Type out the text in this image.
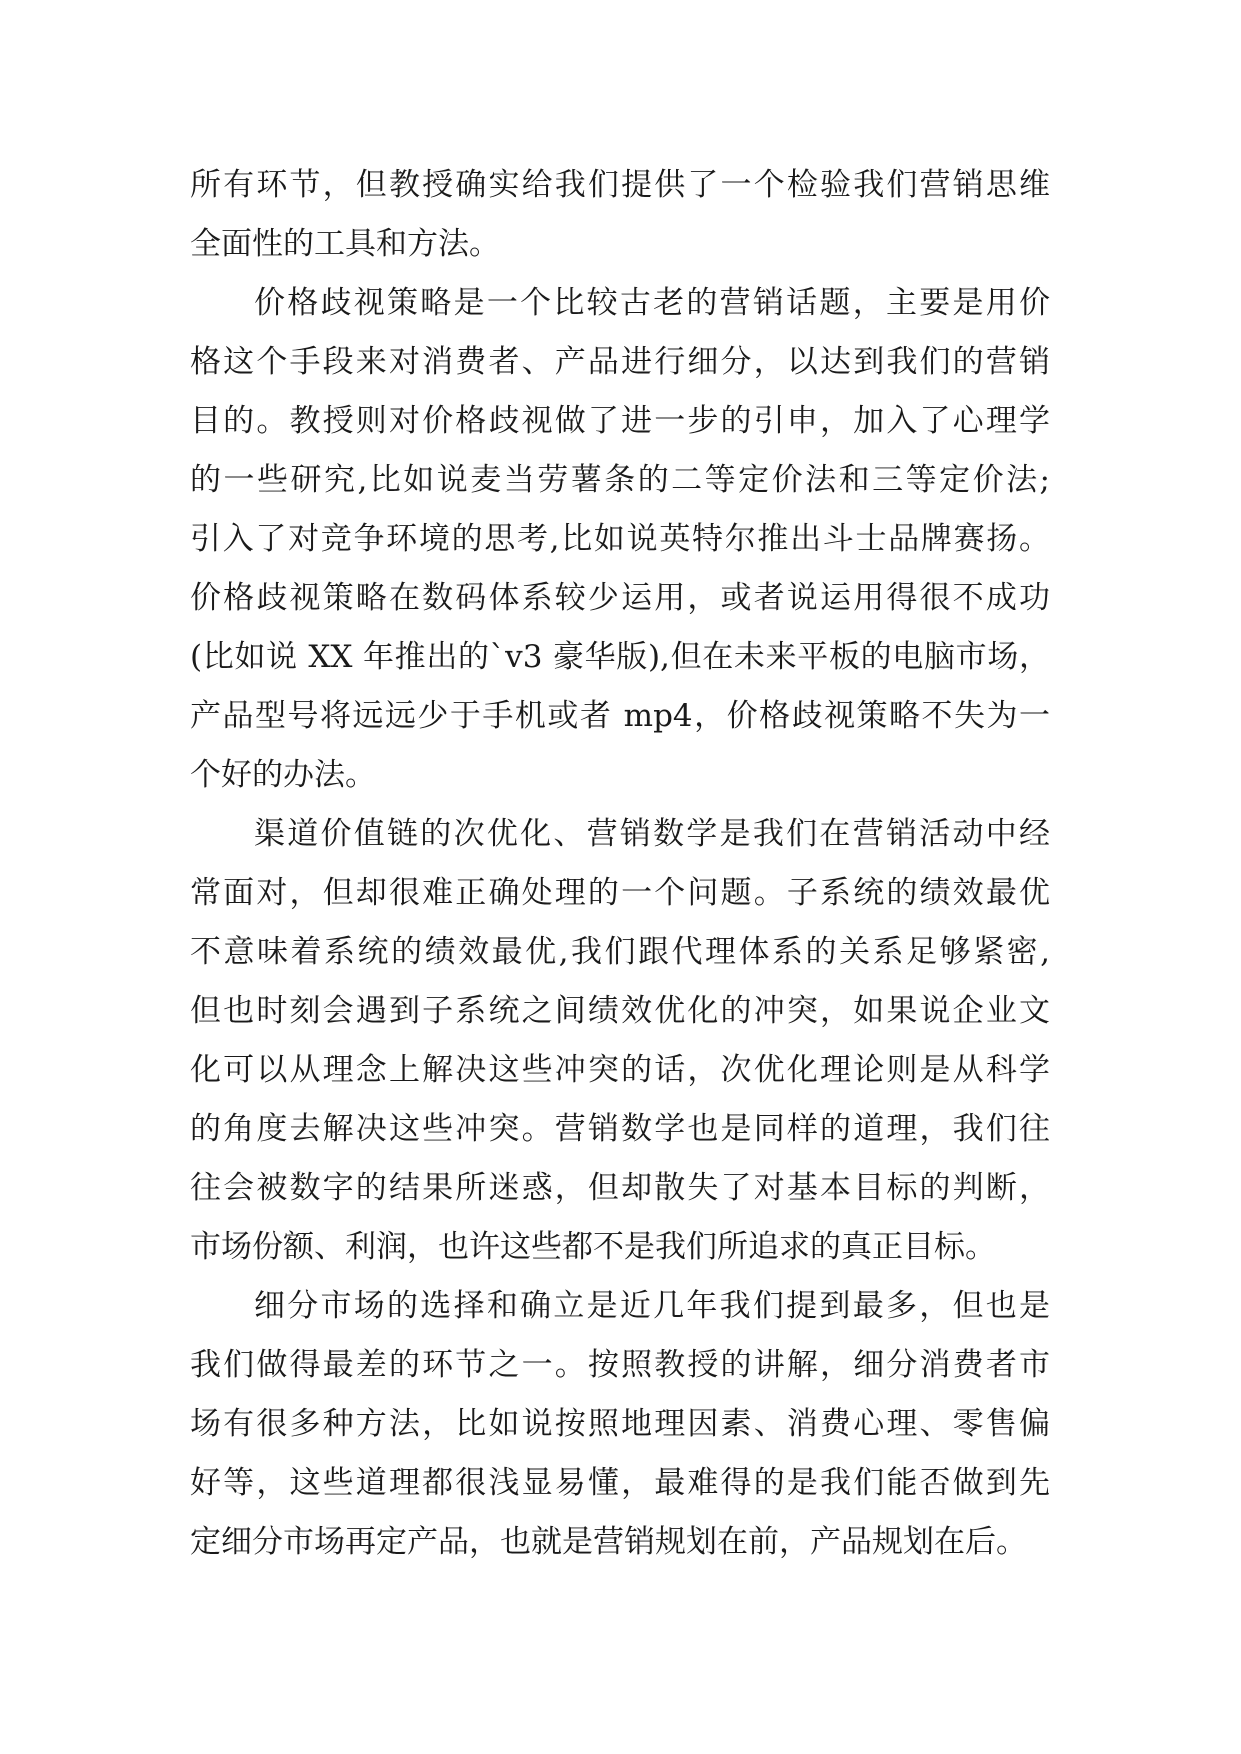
所有环节，但教授确实给我们提供了一个检验我们营销思维
全面性的工具和方法。
价格歧视策略是一个比较古老的营销话题，主要是用价
格这个手段来对消费者、产品进行细分，以达到我们的营销
目的。教授则对价格歧视做了进一步的引申，加入了心理学
的一些研究,比如说麦当劳薯条的二等定价法和三等定价法;
引入了对竞争环境的思考,比如说英特尔推出斗士品牌赛扬。
价格歧视策略在数码体系较少运用，或者说运用得很不成功
(比如说 XX 年推出的`v3 豪华版),但在未来平板的电脑市场，
产品型号将远远少于手机或者 mp4，价格歧视策略不失为一
个好的办法。
渠道价值链的次优化、营销数学是我们在营销活动中经
常面对，但却很难正确处理的一个问题。子系统的绩效最优
不意味着系统的绩效最优,我们跟代理体系的关系足够紧密,
但也时刻会遇到子系统之间绩效优化的冲突，如果说企业文
化可以从理念上解决这些冲突的话，次优化理论则是从科学
的角度去解决这些冲突。营销数学也是同样的道理，我们往
往会被数字的结果所迷惑，但却散失了对基本目标的判断，
市场份额、利润，也许这些都不是我们所追求的真正目标。
细分市场的选择和确立是近几年我们提到最多，但也是
我们做得最差的环节之一。按照教授的讲解，细分消费者市
场有很多种方法，比如说按照地理因素、消费心理、零售偏
好等，这些道理都很浅显易懂，最难得的是我们能否做到先
定细分市场再定产品，也就是营销规划在前，产品规划在后。
